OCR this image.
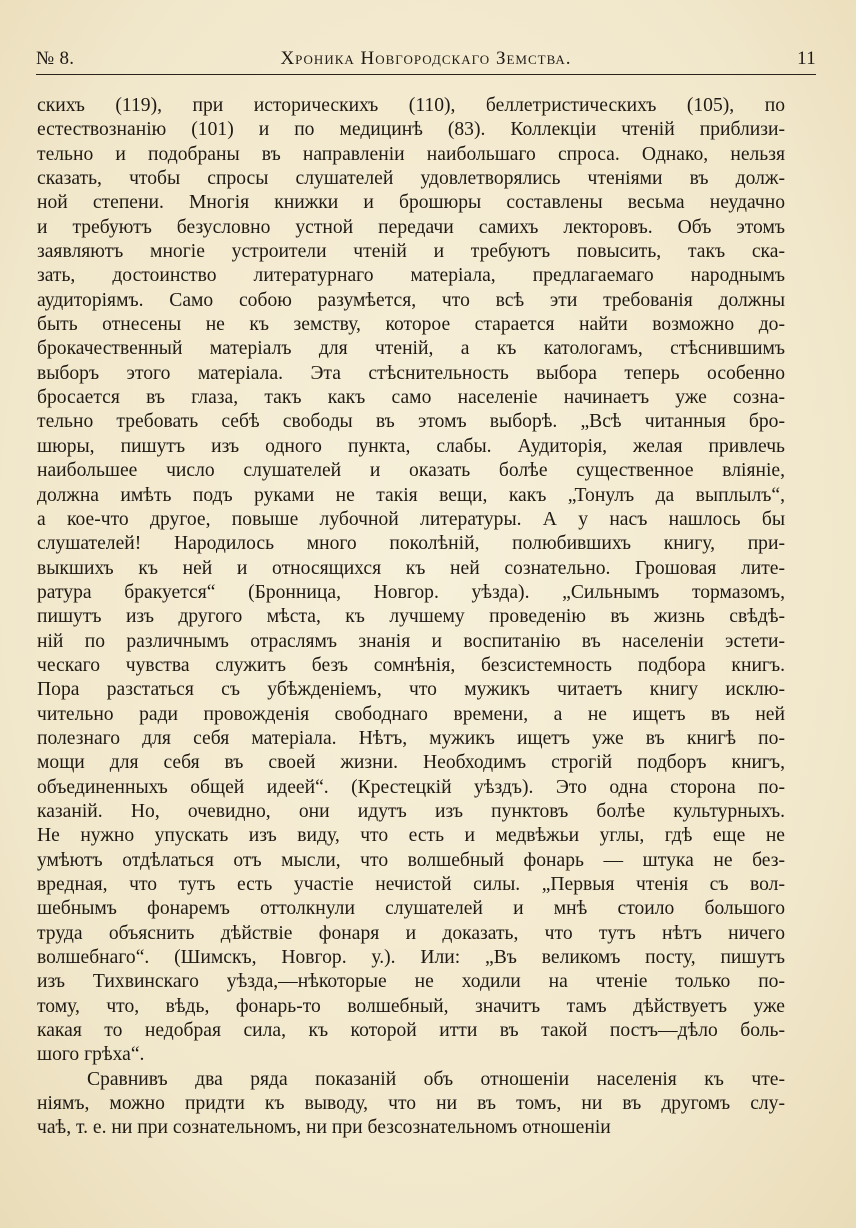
№ 8.	Хроника Новгородскаго Земства.	11
скихъ (119), при историческихъ (110), беллетристическихъ (105), по
естествознанію (101) и по медицинѣ (83). Коллекціи чтеній приблизи-
тельно и подобраны въ направленіи наибольшаго спроса. Однако, нельзя
сказать, чтобы спросы слушателей удовлетворялись чтеніями въ долж-
ной степени. Многія книжки и брошюры составлены весьма неудачно
и требуютъ безусловно устной передачи самихъ лекторовъ. Объ этомъ
заявляютъ многіе устроители чтеній и требуютъ повысить, такъ ска-
зать, достоинство литературнаго матеріала, предлагаемаго народнымъ
аудиторіямъ. Само собою разумѣется, что всѣ эти требованія должны
быть отнесены не къ земству, которое старается найти возможно до-
брокачественный матеріалъ для чтеній, а къ катологамъ, стѣснившимъ
выборъ этого матеріала. Эта стѣснительность выбора теперь особенно
бросается въ глаза, такъ какъ само населеніе начинаетъ уже созна-
тельно требовать себѣ свободы въ этомъ выборѣ. „Всѣ читанныя бро-
шюры, пишутъ изъ одного пункта, слабы. Аудиторія, желая привлечь
наибольшее число слушателей и оказать болѣе существенное вліяніе,
должна имѣть подъ руками не такія вещи, какъ „Тонулъ да выплылъ“,
а кое-что другое, повыше лубочной литературы. А у насъ нашлось бы
слушателей! Народилось много поколѣній, полюбившихъ книгу, при-
выкшихъ къ ней и относящихся къ ней сознательно. Грошовая лите-
ратура бракуется“ (Бронница, Новгор. уѣзда). „Сильнымъ тормазомъ,
пишутъ изъ другого мѣста, къ лучшему проведенію въ жизнь свѣдѣ-
ній по различнымъ отраслямъ знанія и воспитанію въ населеніи эстети-
ческаго чувства служитъ безъ сомнѣнія, безсистемность подбора книгъ.
Пора разстаться съ убѣжденіемъ, что мужикъ читаетъ книгу исклю-
чительно ради провожденія свободнаго времени, а не ищетъ въ ней
полезнаго для себя матеріала. Нѣтъ, мужикъ ищетъ уже въ книгѣ по-
мощи для себя въ своей жизни. Необходимъ строгій подборъ книгъ,
объединенныхъ общей идеей“. (Крестецкій уѣздъ). Это одна сторона по-
казаній. Но, очевидно, они идутъ изъ пунктовъ болѣе культурныхъ.
Не нужно упускать изъ виду, что есть и медвѣжьи углы, гдѣ еще не
умѣютъ отдѣлаться отъ мысли, что волшебный фонарь — штука не без-
вредная, что тутъ есть участіе нечистой силы. „Первыя чтенія съ вол-
шебнымъ фонаремъ оттолкнули слушателей и мнѣ стоило большого
труда объяснить дѣйствіе фонаря и доказать, что тутъ нѣтъ ничего
волшебнаго“. (Шимскъ, Новгор. у.). Или: „Въ великомъ посту, пишутъ
изъ Тихвинскаго уѣзда,—нѣкоторые не ходили на чтеніе только по-
тому, что, вѣдь, фонарь-то волшебный, значитъ тамъ дѣйствуетъ уже
какая то недобрая сила, къ которой итти въ такой постъ—дѣло боль-
шого грѣха“.
Сравнивъ два ряда показаній объ отношеніи населенія къ чте-
ніямъ, можно придти къ выводу, что ни въ томъ, ни въ другомъ слу-
чаѣ, т. е. ни при сознательномъ, ни при безсознательномъ отношеніи
